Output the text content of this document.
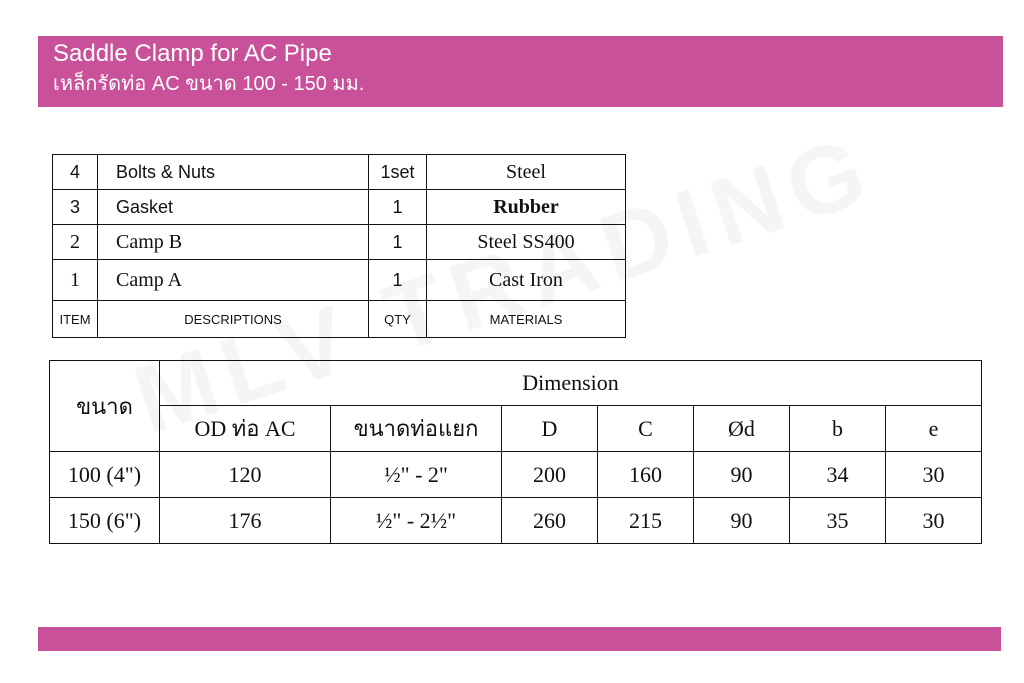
Saddle Clamp for AC Pipe
เหล็กรัดท่อ AC ขนาด 100 - 150 มม.
4	Bolts & Nuts	1set	Steel
3	Gasket	1	Rubber
2	Camp B	1	Steel SS400
1	Camp A	1	Cast Iron
ITEM	DESCRIPTIONS	QTY	MATERIALS
ขนาด	Dimension						
	OD ท่อ AC	ขนาดท่อแยก	D	C	Ød	b	e
100 (4")	120	½" - 2"	200	160	90	34	30
150 (6")	176	½" - 2½"	260	215	90	35	30
